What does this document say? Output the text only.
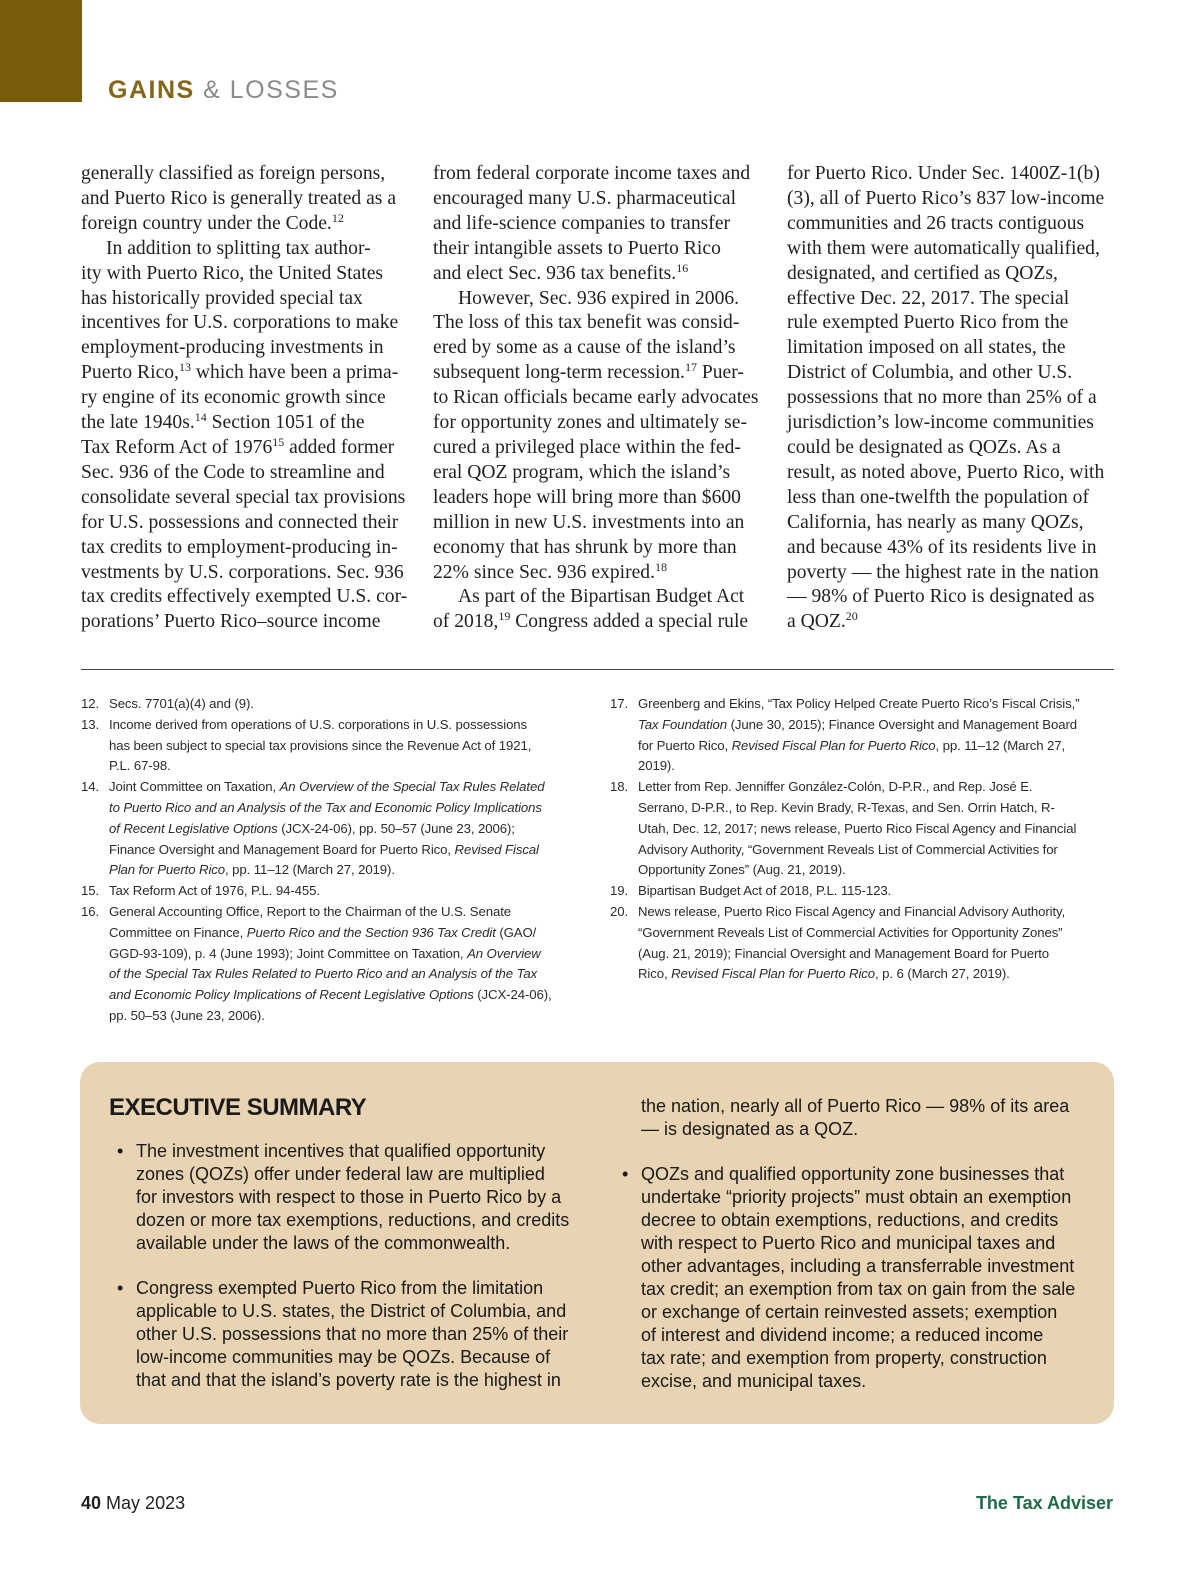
GAINS & LOSSES
generally classified as foreign persons,
and Puerto Rico is generally treated as a
foreign country under the Code.$^{12}$
In addition to splitting tax author-
ity with Puerto Rico, the United States
has historically provided special tax
incentives for U.S. corporations to make
employment-producing investments in
Puerto Rico,$^{13}$ which have been a prima-
ry engine of its economic growth since
the late 1940s.$^{14}$ Section 1051 of the
Tax Reform Act of 1976$^{15}$ added former
Sec. 936 of the Code to streamline and
consolidate several special tax provisions
for U.S. possessions and connected their
tax credits to employment-producing in-
vestments by U.S. corporations. Sec. 936
tax credits effectively exempted U.S. cor-
porations’ Puerto Rico–source income
from federal corporate income taxes and
encouraged many U.S. pharmaceutical
and life-science companies to transfer
their intangible assets to Puerto Rico
and elect Sec. 936 tax benefits.$^{16}$
However, Sec. 936 expired in 2006.
The loss of this tax benefit was consid-
ered by some as a cause of the island’s
subsequent long-term recession.$^{17}$ Puer-
to Rican officials became early advocates
for opportunity zones and ultimately se-
cured a privileged place within the fed-
eral QOZ program, which the island’s
leaders hope will bring more than $600
million in new U.S. investments into an
economy that has shrunk by more than
22% since Sec. 936 expired.$^{18}$
As part of the Bipartisan Budget Act
of 2018,19 Congress added a special rule
for Puerto Rico. Under Sec. 1400Z-1(b)
(3), all of Puerto Rico’s 837 low-income
communities and 26 tracts contiguous
with them were automatically qualified,
designated, and certified as QOZs,
effective Dec. 22, 2017. The special
rule exempted Puerto Rico from the
limitation imposed on all states, the
District of Columbia, and other U.S.
possessions that no more than 25% of a
jurisdiction’s low-income communities
could be designated as QOZs. As a
result, as noted above, Puerto Rico, with
less than one-twelfth the population of
California, has nearly as many QOZs,
and because 43% of its residents live in
poverty — the highest rate in the nation
— 98% of Puerto Rico is designated as
a QOZ.$^{20}$
12. Secs. 7701(a)(4) and (9).
13. Income derived from operations of U.S. corporations in U.S. possessions
has been subject to special tax provisions since the Revenue Act of 1921,
P.L. 67-98.
14. Joint Committee on Taxation, An Overview of the Special Tax Rules Related
to Puerto Rico and an Analysis of the Tax and Economic Policy Implications
of Recent Legislative Options (JCX-24-06), pp. 50–57 (June 23, 2006);
Finance Oversight and Management Board for Puerto Rico, Revised Fiscal
Plan for Puerto Rico, pp. 11–12 (March 27, 2019).
15. Tax Reform Act of 1976, P.L. 94-455.
16. General Accounting Office, Report to the Chairman of the U.S. Senate
Committee on Finance, Puerto Rico and the Section 936 Tax Credit (GAO/
GGD-93-109), p. 4 (June 1993); Joint Committee on Taxation, An Overview
of the Special Tax Rules Related to Puerto Rico and an Analysis of the Tax
and Economic Policy Implications of Recent Legislative Options (JCX-24-06),
pp. 50–53 (June 23, 2006).
17. Greenberg and Ekins, “Tax Policy Helped Create Puerto Rico’s Fiscal Crisis,”
Tax Foundation (June 30, 2015); Finance Oversight and Management Board
for Puerto Rico, Revised Fiscal Plan for Puerto Rico, pp. 11–12 (March 27,
2019).
18. Letter from Rep. Jenniffer González-Colón, D-P.R., and Rep. José E.
Serrano, D-P.R., to Rep. Kevin Brady, R-Texas, and Sen. Orrin Hatch, R-
Utah, Dec. 12, 2017; news release, Puerto Rico Fiscal Agency and Financial
Advisory Authority, “Government Reveals List of Commercial Activities for
Opportunity Zones” (Aug. 21, 2019).
19. Bipartisan Budget Act of 2018, P.L. 115-123.
20. News release, Puerto Rico Fiscal Agency and Financial Advisory Authority,
“Government Reveals List of Commercial Activities for Opportunity Zones”
(Aug. 21, 2019); Financial Oversight and Management Board for Puerto
Rico, Revised Fiscal Plan for Puerto Rico, p. 6 (March 27, 2019).
EXECUTIVE SUMMARY
• The investment incentives that qualified opportunity
zones (QOZs) offer under federal law are multiplied
for investors with respect to those in Puerto Rico by a
dozen or more tax exemptions, reductions, and credits
available under the laws of the commonwealth.
• Congress exempted Puerto Rico from the limitation
applicable to U.S. states, the District of Columbia, and
other U.S. possessions that no more than 25% of their
low-income communities may be QOZs. Because of
that and that the island’s poverty rate is the highest in
the nation, nearly all of Puerto Rico — 98% of its area
— is designated as a QOZ.
• QOZs and qualified opportunity zone businesses that
undertake “priority projects” must obtain an exemption
decree to obtain exemptions, reductions, and credits
with respect to Puerto Rico and municipal taxes and
other advantages, including a transferrable investment
tax credit; an exemption from tax on gain from the sale
or exchange of certain reinvested assets; exemption
of interest and dividend income; a reduced income
tax rate; and exemption from property, construction
excise, and municipal taxes.
40 May 2023	The Tax Adviser
